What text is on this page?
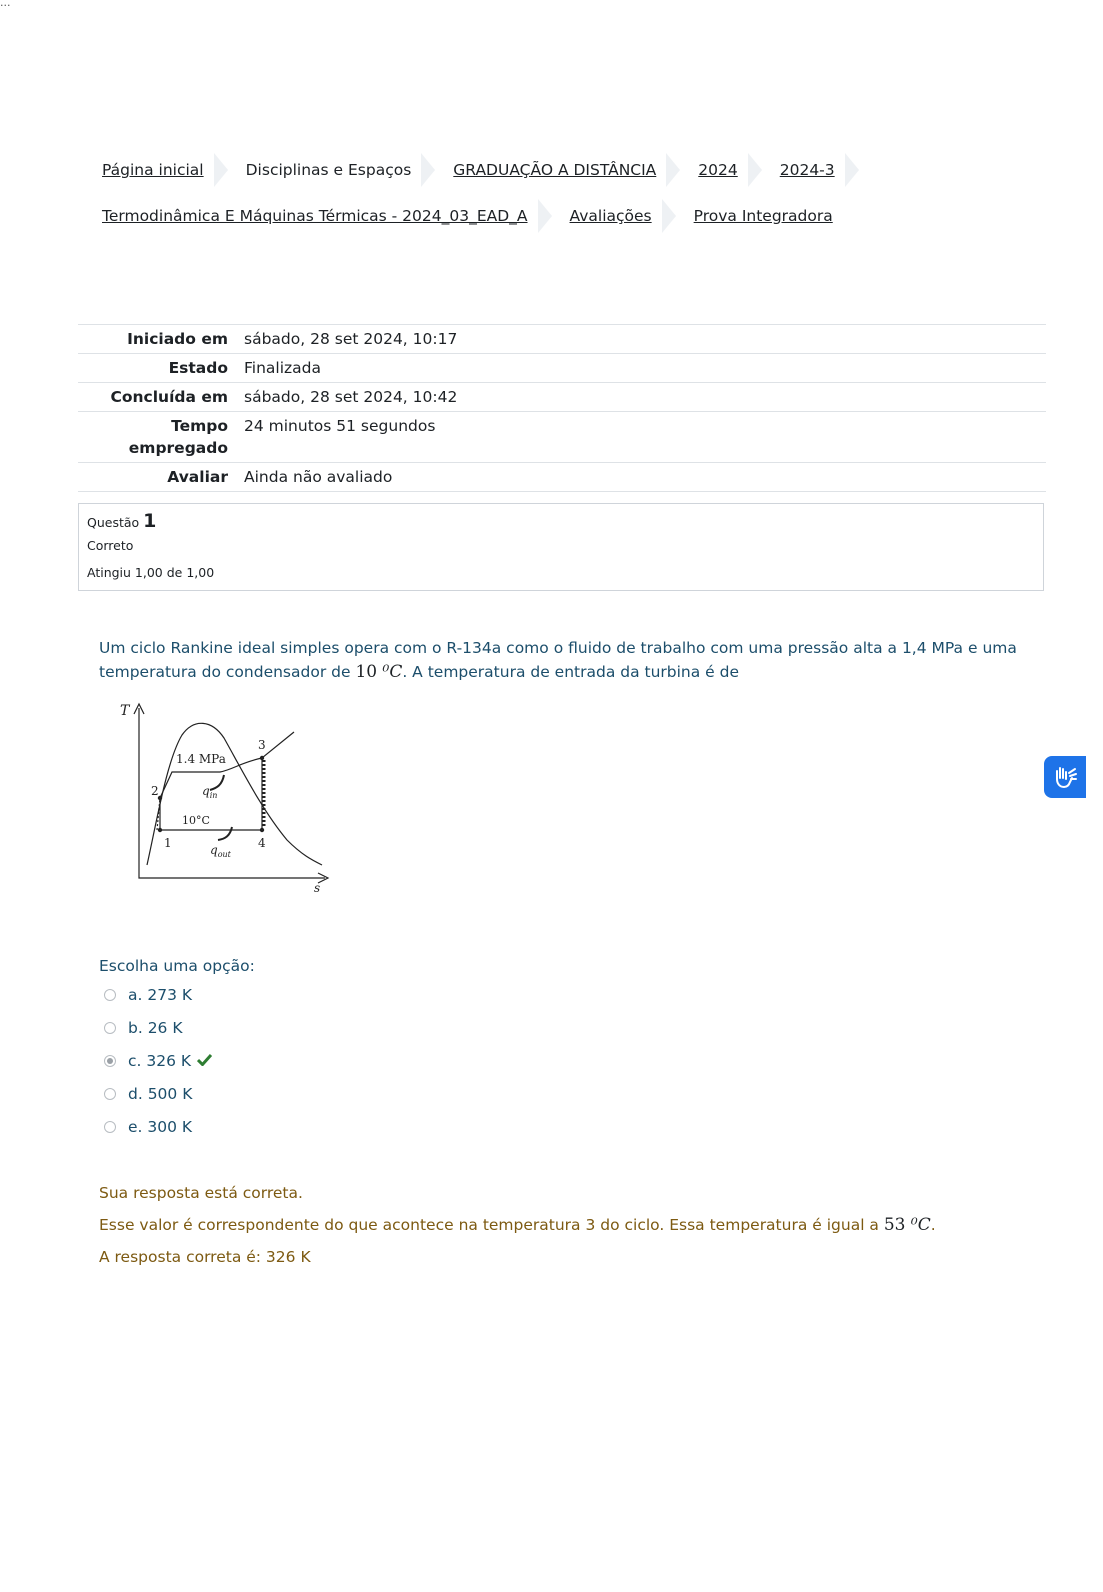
...
Página inicial	Disciplinas e Espaços	GRADUAÇÃO A DISTÂNCIA	2024	2024-3
Termodinâmica E Máquinas Térmicas - 2024_03_EAD_A	Avaliações	Prova Integradora
Iniciado em	sábado, 28 set 2024, 10:17
Estado	Finalizada
Concluída em	sábado, 28 set 2024, 10:42
Tempo empregado	24 minutos 51 segundos
Avaliar	Ainda não avaliado
Questão 1
Correto
Atingiu 1,00 de 1,00
Um ciclo Rankine ideal simples opera com o R-134a como o fluido de trabalho com uma pressão alta a 1,4 MPa e uma temperatura do condensador de 10 ⁰C. A temperatura de entrada da turbina é de
T
s
1.4 MPa
10°C
$q_{in}$
$q_{out}$
1
2
3
4
Escolha uma opção:
a. 273 K
b. 26 K
c. 326 K
d. 500 K
e. 300 K
Sua resposta está correta.
Esse valor é correspondente do que acontece na temperatura 3 do ciclo. Essa temperatura é igual a 53 ⁰C.
A resposta correta é: 326 K
